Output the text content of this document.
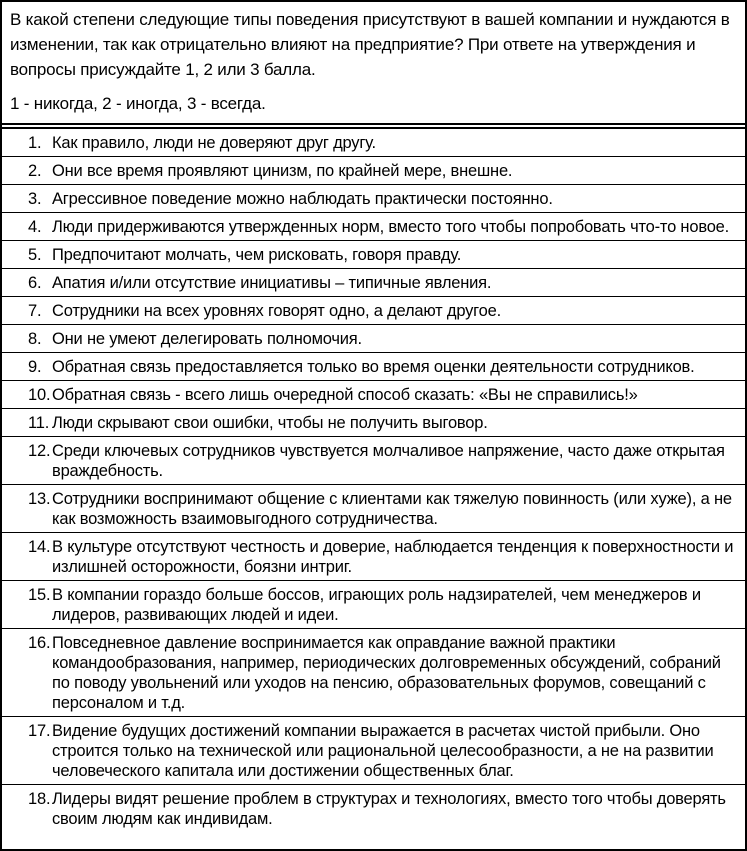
В какой степени следующие типы поведения присутствуют в вашей компании и нуждаются в изменении, так как отрицательно влияют на предприятие? При ответе на утверждения и вопросы присуждайте 1, 2 или 3 балла.

1 - никогда, 2 - иногда, 3 - всегда.

1. Как правило, люди не доверяют друг другу.
2. Они все время проявляют цинизм, по крайней мере, внешне.
3. Агрессивное поведение можно наблюдать практически постоянно.
4. Люди придерживаются утвержденных норм, вместо того чтобы попробовать что-то новое.
5. Предпочитают молчать, чем рисковать, говоря правду.
6. Апатия и/или отсутствие инициативы – типичные явления.
7. Сотрудники на всех уровнях говорят одно, а делают другое.
8. Они не умеют делегировать полномочия.
9. Обратная связь предоставляется только во время оценки деятельности сотрудников.
10. Обратная связь - всего лишь очередной способ сказать: «Вы не справились!»
11. Люди скрывают свои ошибки, чтобы не получить выговор.
12. Среди ключевых сотрудников чувствуется молчаливое напряжение, часто даже открытая враждебность.
13. Сотрудники воспринимают общение с клиентами как тяжелую повинность (или хуже), а не как возможность взаимовыгодного сотрудничества.
14. В культуре отсутствуют честность и доверие, наблюдается тенденция к поверхностности и излишней осторожности, боязни интриг.
15. В компании гораздо больше боссов, играющих роль надзирателей, чем менеджеров и лидеров, развивающих людей и идеи.
16. Повседневное давление воспринимается как оправдание важной практики командообразования, например, периодических долговременных обсуждений, собраний по поводу увольнений или уходов на пенсию, образовательных форумов, совещаний с персоналом и т.д.
17. Видение будущих достижений компании выражается в расчетах чистой прибыли. Оно строится только на технической или рациональной целесообразности, а не на развитии человеческого капитала или достижении общественных благ.
18. Лидеры видят решение проблем в структурах и технологиях, вместо того чтобы доверять своим людям как индивидам.
